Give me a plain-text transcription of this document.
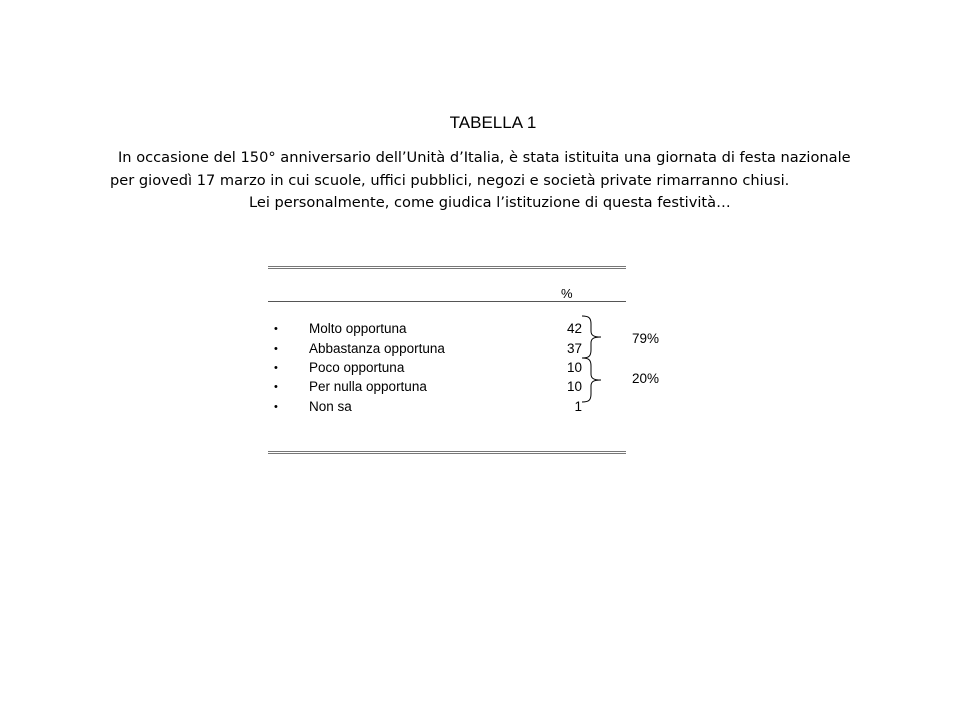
TABELLA 1
In occasione del 150° anniversario dell’Unità d’Italia, è stata istituita una giornata di festa nazionale
per giovedì 17 marzo in cui scuole, uffici pubblici, negozi e società private rimarranno chiusi.
Lei personalmente, come giudica l’istituzione di questa festività…
%
• Molto opportuna	42
• Abbastanza opportuna	37
• Poco opportuna	10
• Per nulla opportuna	10
• Non sa	1
79%
20%
